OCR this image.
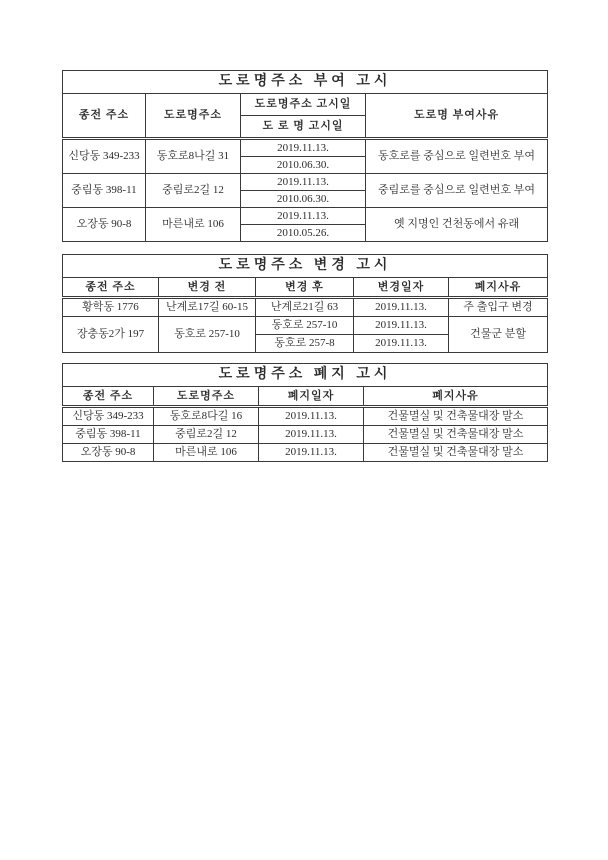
도로명주소 부여 고시			
종전 주소	도로명주소	도로명주소 고시일	도로명 부여사유
		도 로 명 고시일	
신당동 349-233	동호로8나길 31	2019.11.13.	동호로를 중심으로 일련번호 부여
		2010.06.30.	
중림동 398-11	중림로2길 12	2019.11.13.	중림로를 중심으로 일련번호 부여
		2010.06.30.	
오장동 90-8	마른내로 106	2019.11.13.	옛 지명인 건천동에서 유래
		2010.05.26.	
도로명주소 변경 고시				
종전 주소	변경 전	변경 후	변경일자	폐지사유
황학동 1776	난계로17길 60-15	난계로21길 63	2019.11.13.	주 출입구 변경
장충동2가 197	동호로 257-10	동호로 257-10	2019.11.13.	건물군 분할
		동호로 257-8	2019.11.13.	
도로명주소 폐지 고시			
종전 주소	도로명주소	폐지일자	폐지사유
신당동 349-233	동호로8다길 16	2019.11.13.	건물멸실 및 건축물대장 말소
중림동 398-11	중림로2길 12	2019.11.13.	건물멸실 및 건축물대장 말소
오장동 90-8	마른내로 106	2019.11.13.	건물멸실 및 건축물대장 말소
